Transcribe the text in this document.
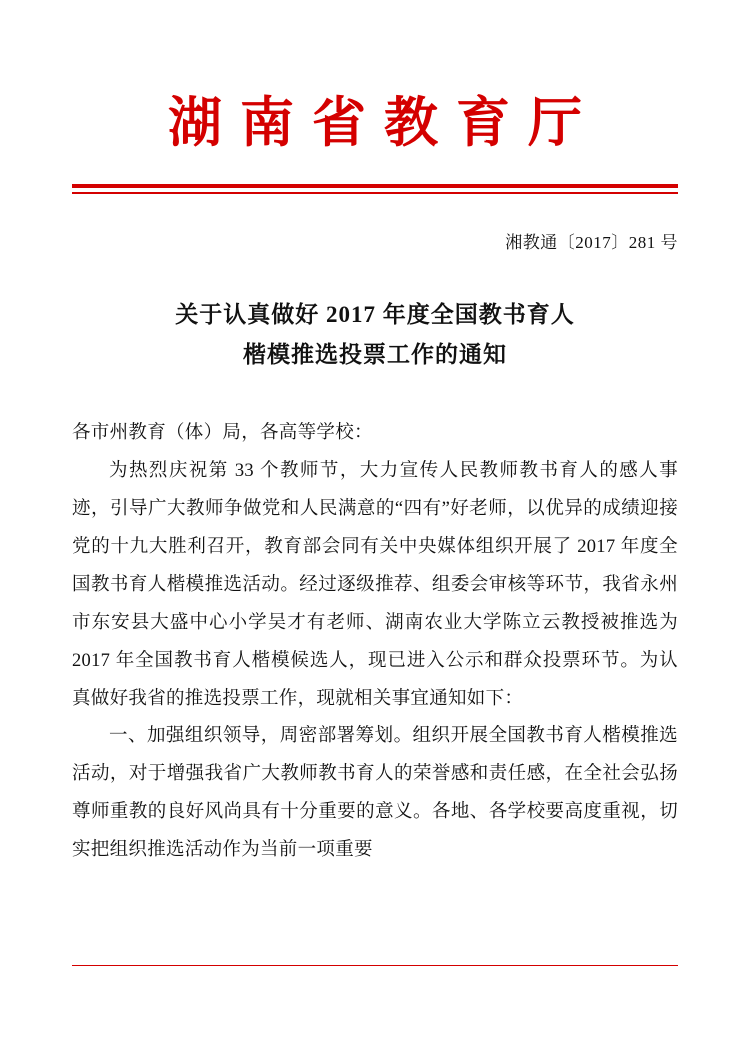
湖南省教育厅
湘教通〔2017〕281 号
关于认真做好 2017 年度全国教书育人
楷模推选投票工作的通知

各市州教育（体）局，各高等学校：

为热烈庆祝第 33 个教师节，大力宣传人民教师教书育人的感人事迹，引导广大教师争做党和人民满意的“四有”好老师，以优异的成绩迎接党的十九大胜利召开，教育部会同有关中央媒体组织开展了 2017 年度全国教书育人楷模推选活动。经过逐级推荐、组委会审核等环节，我省永州市东安县大盛中心小学吴才有老师、湖南农业大学陈立云教授被推选为 2017 年全国教书育人楷模候选人，现已进入公示和群众投票环节。为认真做好我省的推选投票工作，现就相关事宜通知如下：

一、加强组织领导，周密部署筹划。组织开展全国教书育人楷模推选活动，对于增强我省广大教师教书育人的荣誉感和责任感，在全社会弘扬尊师重教的良好风尚具有十分重要的意义。各地、各学校要高度重视，切实把组织推选活动作为当前一项重要
